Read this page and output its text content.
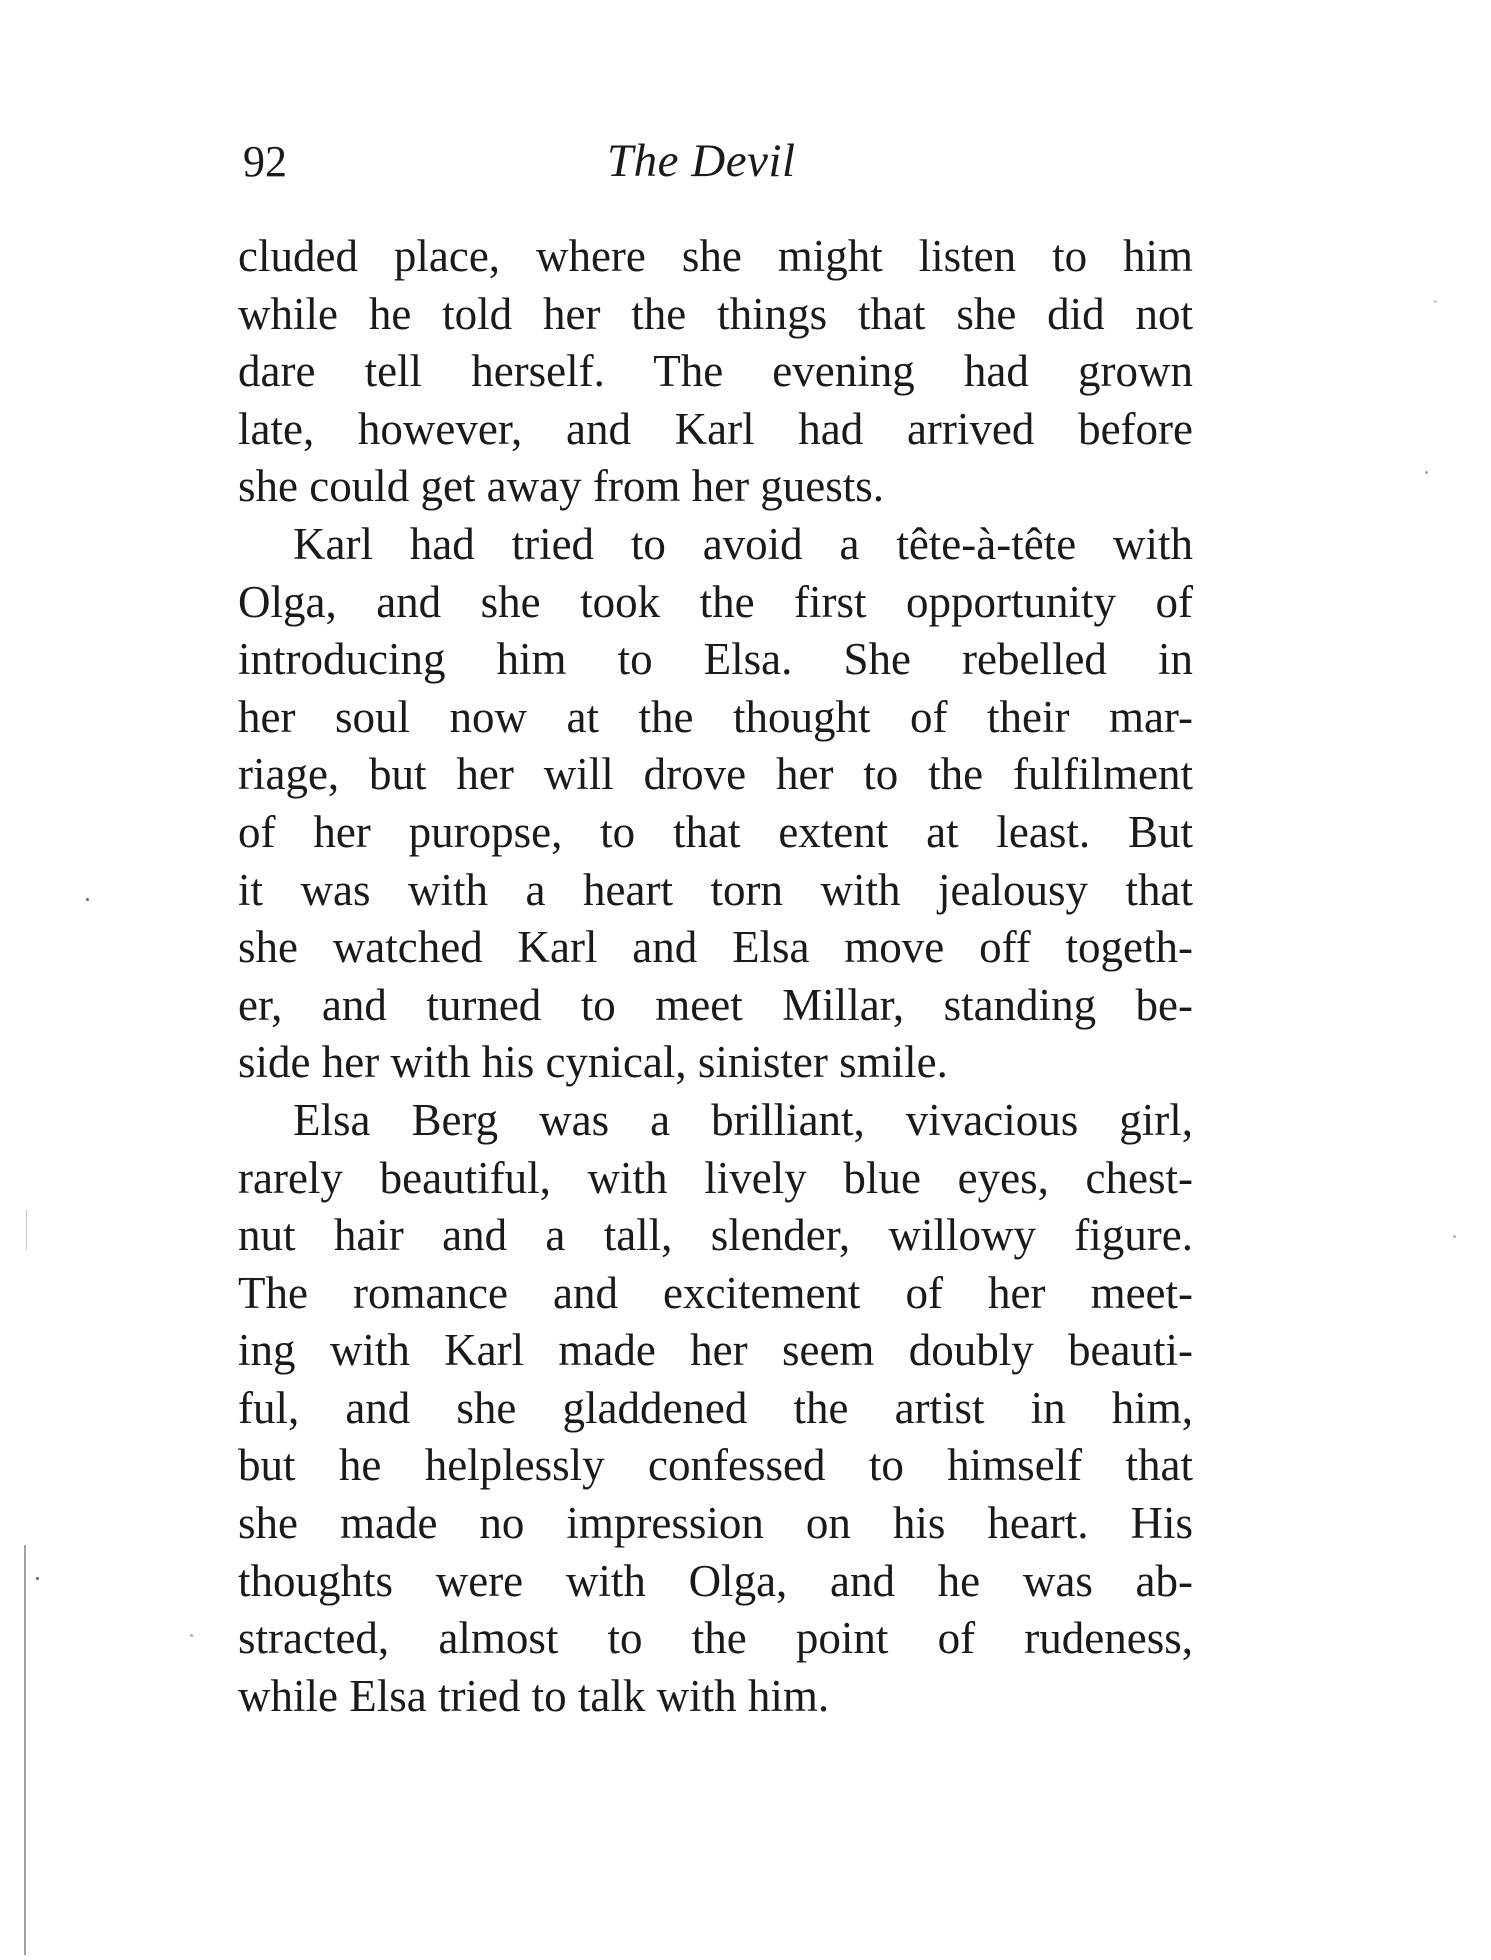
92	The Devil
cluded place, where she might listen to him
while he told her the things that she did not
dare tell herself. The evening had grown
late, however, and Karl had arrived before
she could get away from her guests.
Karl had tried to avoid a tête-à-tête with
Olga, and she took the first opportunity of
introducing him to Elsa. She rebelled in
her soul now at the thought of their mar-
riage, but her will drove her to the fulfilment
of her puropse, to that extent at least. But
it was with a heart torn with jealousy that
she watched Karl and Elsa move off togeth-
er, and turned to meet Millar, standing be-
side her with his cynical, sinister smile.
Elsa Berg was a brilliant, vivacious girl,
rarely beautiful, with lively blue eyes, chest-
nut hair and a tall, slender, willowy figure.
The romance and excitement of her meet-
ing with Karl made her seem doubly beauti-
ful, and she gladdened the artist in him,
but he helplessly confessed to himself that
she made no impression on his heart. His
thoughts were with Olga, and he was ab-
stracted, almost to the point of rudeness,
while Elsa tried to talk with him.
